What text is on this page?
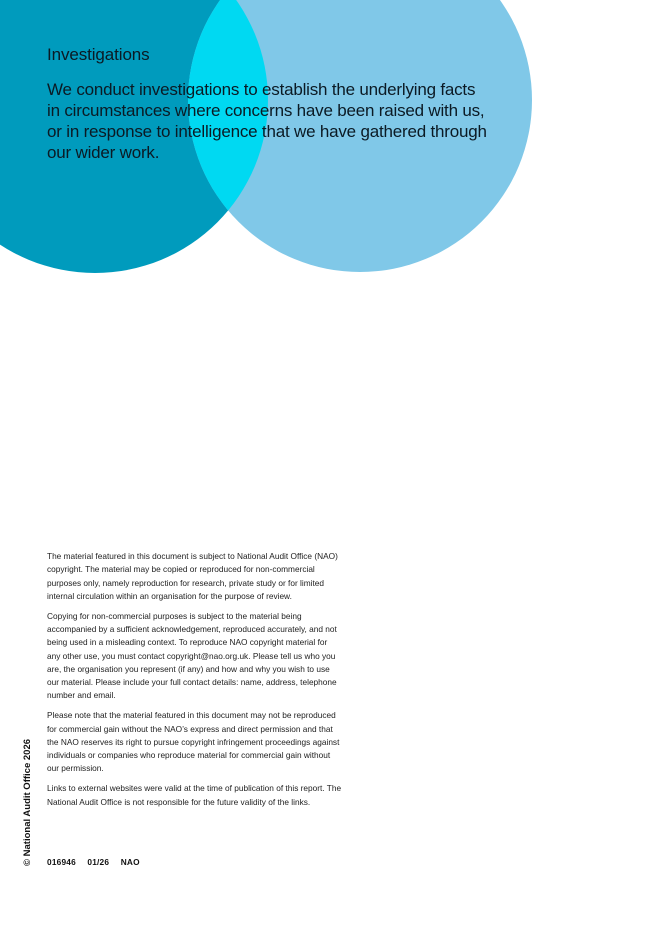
Investigations

We conduct investigations to establish the underlying facts in circumstances where concerns have been raised with us, or in response to intelligence that we have gathered through our wider work.

The material featured in this document is subject to National Audit Office (NAO) copyright. The material may be copied or reproduced for non-commercial purposes only, namely reproduction for research, private study or for limited internal circulation within an organisation for the purpose of review.

Copying for non-commercial purposes is subject to the material being accompanied by a sufficient acknowledgement, reproduced accurately, and not being used in a misleading context. To reproduce NAO copyright material for any other use, you must contact copyright@nao.org.uk. Please tell us who you are, the organisation you represent (if any) and how and why you wish to use our material. Please include your full contact details: name, address, telephone number and email.

Please note that the material featured in this document may not be reproduced for commercial gain without the NAO’s express and direct permission and that the NAO reserves its right to pursue copyright infringement proceedings against individuals or companies who reproduce material for commercial gain without our permission.

Links to external websites were valid at the time of publication of this report. The National Audit Office is not responsible for the future validity of the links.

016946 01/26 NAO
© National Audit Office 2026
